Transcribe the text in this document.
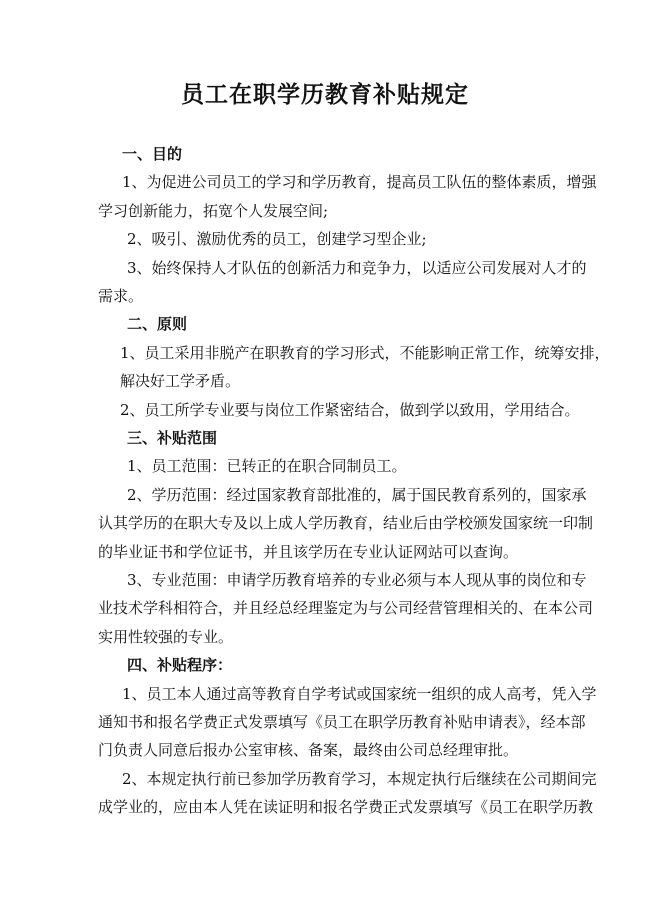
员工在职学历教育补贴规定
一、目的
1、为促进公司员工的学习和学历教育，提高员工队伍的整体素质，增强
学习创新能力，拓宽个人发展空间;
2、吸引、激励优秀的员工，创建学习型企业;
3、始终保持人才队伍的创新活力和竞争力，以适应公司发展对人才的
需求。
二、原则
1、员工采用非脱产在职教育的学习形式，不能影响正常工作，统筹安排，
解决好工学矛盾。
2、员工所学专业要与岗位工作紧密结合，做到学以致用，学用结合。
三、补贴范围
1、员工范围：已转正的在职合同制员工。
2、学历范围：经过国家教育部批准的，属于国民教育系列的，国家承
认其学历的在职大专及以上成人学历教育，结业后由学校颁发国家统一印制
的毕业证书和学位证书，并且该学历在专业认证网站可以查询。
3、专业范围：申请学历教育培养的专业必须与本人现从事的岗位和专
业技术学科相符合，并且经总经理鉴定为与公司经营管理相关的、在本公司
实用性较强的专业。
四、补贴程序：
1、员工本人通过高等教育自学考试或国家统一组织的成人高考，凭入学
通知书和报名学费正式发票填写《员工在职学历教育补贴申请表》，经本部
门负责人同意后报办公室审核、备案，最终由公司总经理审批。
2、本规定执行前已参加学历教育学习，本规定执行后继续在公司期间完
成学业的，应由本人凭在读证明和报名学费正式发票填写《员工在职学历教
